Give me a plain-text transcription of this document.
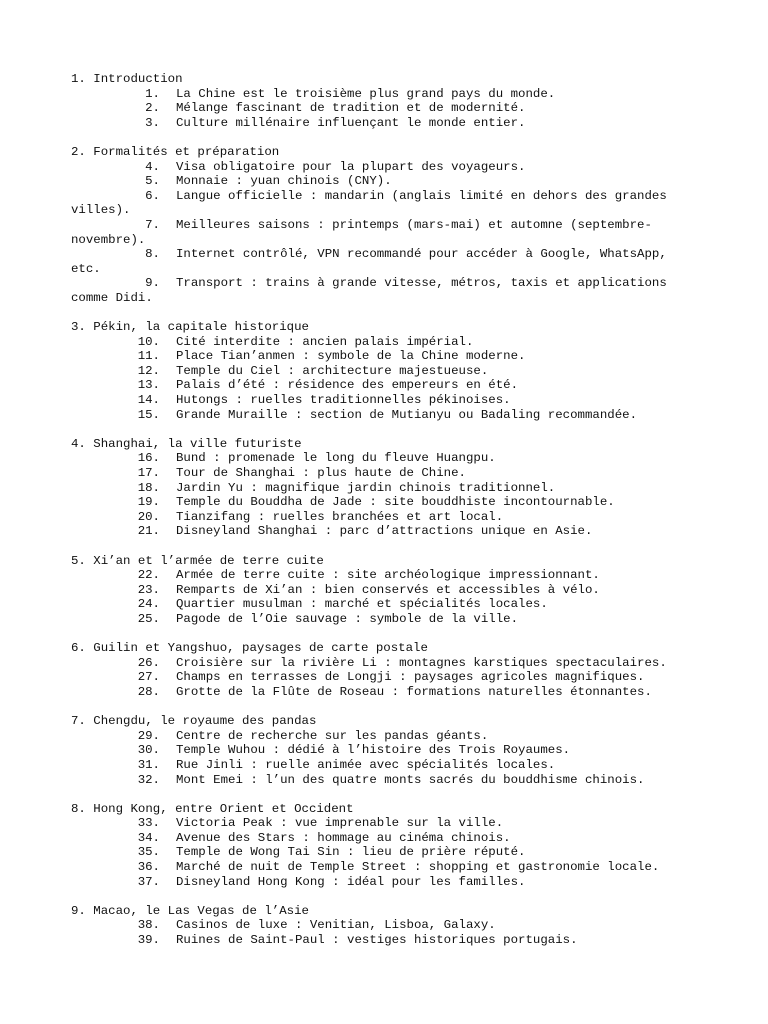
1. Introduction
1. La Chine est le troisième plus grand pays du monde.
2. Mélange fascinant de tradition et de modernité.
3. Culture millénaire influençant le monde entier.
2. Formalités et préparation
4. Visa obligatoire pour la plupart des voyageurs.
5. Monnaie : yuan chinois (CNY).
6. Langue officielle : mandarin (anglais limité en dehors des grandes villes).
7. Meilleures saisons : printemps (mars-mai) et automne (septembre-novembre).
8. Internet contrôlé, VPN recommandé pour accéder à Google, WhatsApp, etc.
9. Transport : trains à grande vitesse, métros, taxis et applications comme Didi.
3. Pékin, la capitale historique
10. Cité interdite : ancien palais impérial.
11. Place Tian’anmen : symbole de la Chine moderne.
12. Temple du Ciel : architecture majestueuse.
13. Palais d’été : résidence des empereurs en été.
14. Hutongs : ruelles traditionnelles pékinoises.
15. Grande Muraille : section de Mutianyu ou Badaling recommandée.
4. Shanghai, la ville futuriste
16. Bund : promenade le long du fleuve Huangpu.
17. Tour de Shanghai : plus haute de Chine.
18. Jardin Yu : magnifique jardin chinois traditionnel.
19. Temple du Bouddha de Jade : site bouddhiste incontournable.
20. Tianzifang : ruelles branchées et art local.
21. Disneyland Shanghai : parc d’attractions unique en Asie.
5. Xi’an et l’armée de terre cuite
22. Armée de terre cuite : site archéologique impressionnant.
23. Remparts de Xi’an : bien conservés et accessibles à vélo.
24. Quartier musulman : marché et spécialités locales.
25. Pagode de l’Oie sauvage : symbole de la ville.
6. Guilin et Yangshuo, paysages de carte postale
26. Croisière sur la rivière Li : montagnes karstiques spectaculaires.
27. Champs en terrasses de Longji : paysages agricoles magnifiques.
28. Grotte de la Flûte de Roseau : formations naturelles étonnantes.
7. Chengdu, le royaume des pandas
29. Centre de recherche sur les pandas géants.
30. Temple Wuhou : dédié à l’histoire des Trois Royaumes.
31. Rue Jinli : ruelle animée avec spécialités locales.
32. Mont Emei : l’un des quatre monts sacrés du bouddhisme chinois.
8. Hong Kong, entre Orient et Occident
33. Victoria Peak : vue imprenable sur la ville.
34. Avenue des Stars : hommage au cinéma chinois.
35. Temple de Wong Tai Sin : lieu de prière réputé.
36. Marché de nuit de Temple Street : shopping et gastronomie locale.
37. Disneyland Hong Kong : idéal pour les familles.
9. Macao, le Las Vegas de l’Asie
38. Casinos de luxe : Venitian, Lisboa, Galaxy.
39. Ruines de Saint-Paul : vestiges historiques portugais.
